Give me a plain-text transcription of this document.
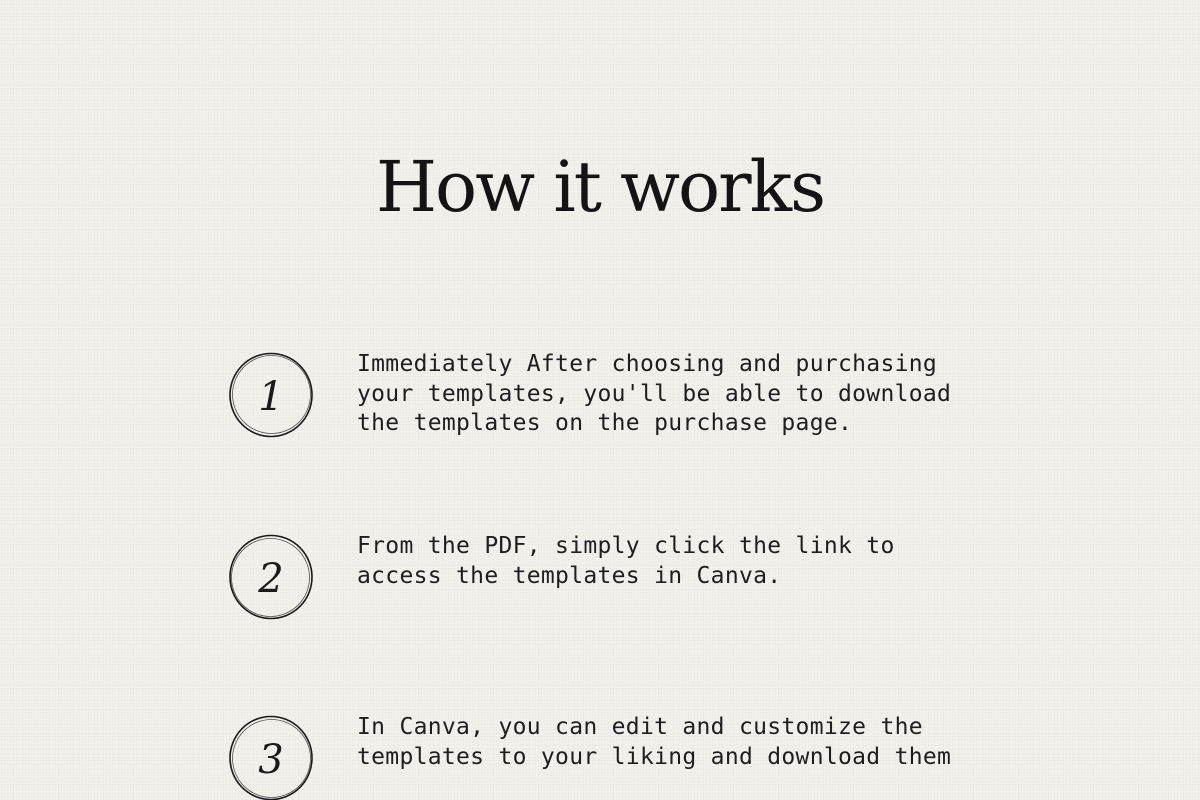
How it works
1

Immediately After choosing and purchasing
your templates, you'll be able to download
the templates on the purchase page.

2

From the PDF, simply click the link to
access the templates in Canva.

3

In Canva, you can edit and customize the
templates to your liking and download them
